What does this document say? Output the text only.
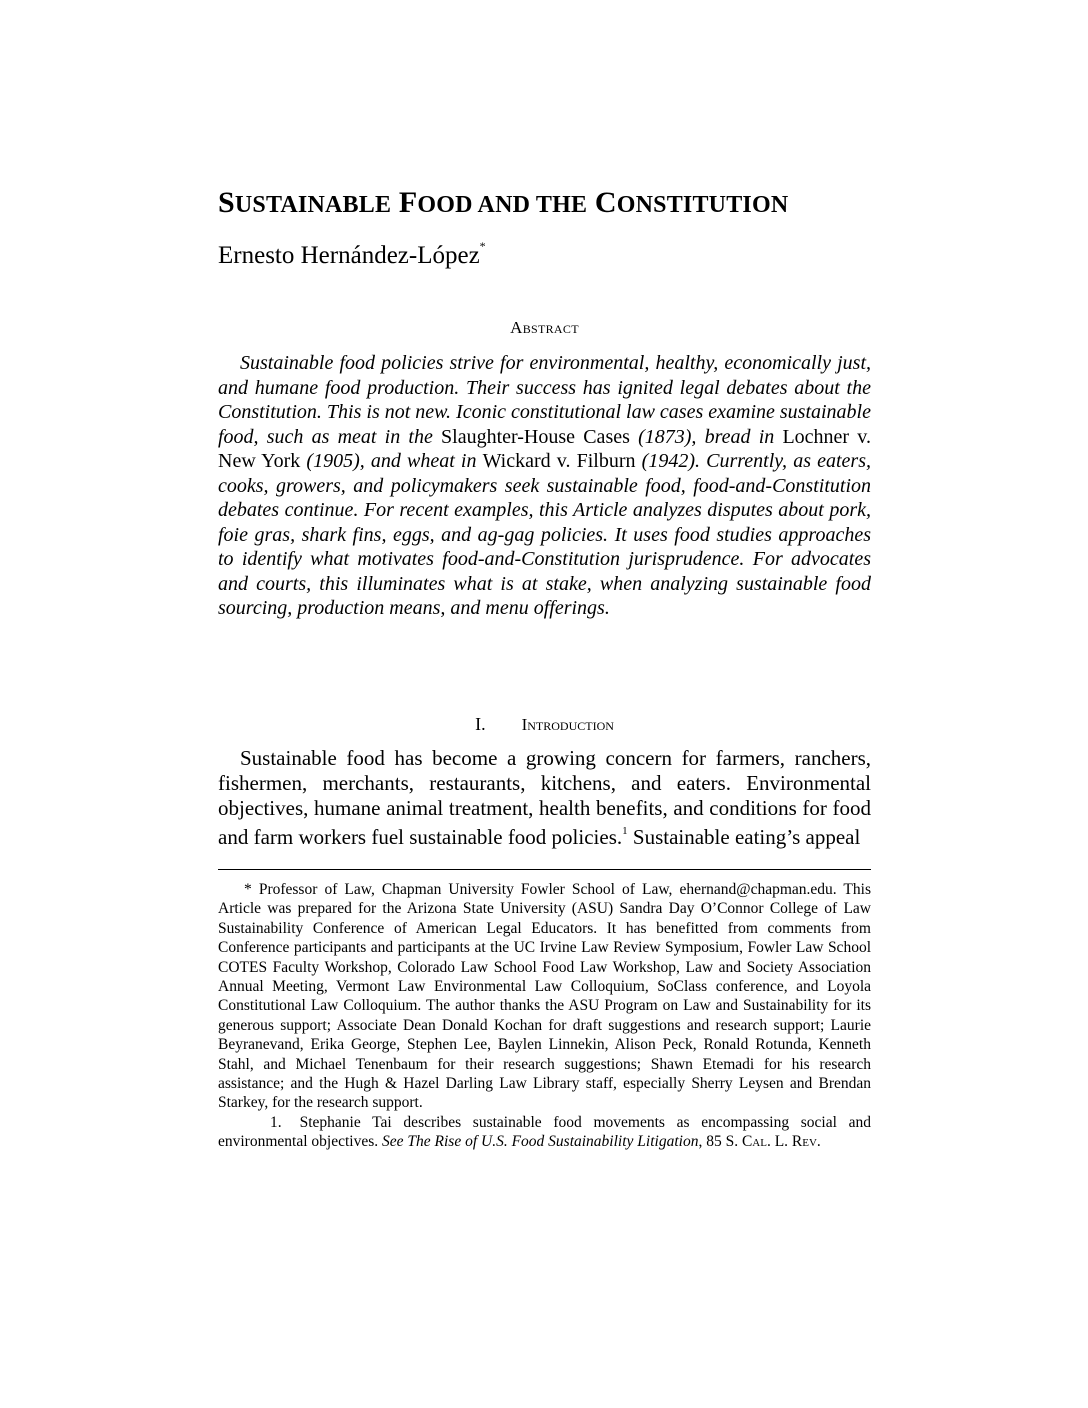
SUSTAINABLE FOOD AND THE CONSTITUTION
Ernesto Hernández-López*
Abstract

Sustainable food policies strive for environmental, healthy, economically just, and humane food production. Their success has ignited legal debates about the Constitution. This is not new. Iconic constitutional law cases examine sustainable food, such as meat in the Slaughter-House Cases (1873), bread in Lochner v. New York (1905), and wheat in Wickard v. Filburn (1942). Currently, as eaters, cooks, growers, and policymakers seek sustainable food, food-and-Constitution debates continue. For recent examples, this Article analyzes disputes about pork, foie gras, shark fins, eggs, and ag-gag policies. It uses food studies approaches to identify what motivates food-and-Constitution jurisprudence. For advocates and courts, this illuminates what is at stake, when analyzing sustainable food sourcing, production means, and menu offerings.

I. Introduction

Sustainable food has become a growing concern for farmers, ranchers, fishermen, merchants, restaurants, kitchens, and eaters. Environmental objectives, humane animal treatment, health benefits, and conditions for food and farm workers fuel sustainable food policies.$^1$ Sustainable eating’s appeal

* Professor of Law, Chapman University Fowler School of Law, ehernand@chapman.edu. This Article was prepared for the Arizona State University (ASU) Sandra Day O’Connor College of Law Sustainability Conference of American Legal Educators. It has benefitted from comments from Conference participants and participants at the UC Irvine Law Review Symposium, Fowler Law School COTES Faculty Workshop, Colorado Law School Food Law Workshop, Law and Society Association Annual Meeting, Vermont Law Environmental Law Colloquium, SoClass conference, and Loyola Constitutional Law Colloquium. The author thanks the ASU Program on Law and Sustainability for its generous support; Associate Dean Donald Kochan for draft suggestions and research support; Laurie Beyranevand, Erika George, Stephen Lee, Baylen Linnekin, Alison Peck, Ronald Rotunda, Kenneth Stahl, and Michael Tenenbaum for their research suggestions; Shawn Etemadi for his research assistance; and the Hugh & Hazel Darling Law Library staff, especially Sherry Leysen and Brendan Starkey, for the research support.

1. Stephanie Tai describes sustainable food movements as encompassing social and environmental objectives. See The Rise of U.S. Food Sustainability Litigation, 85 S. Cal. L. Rev.
